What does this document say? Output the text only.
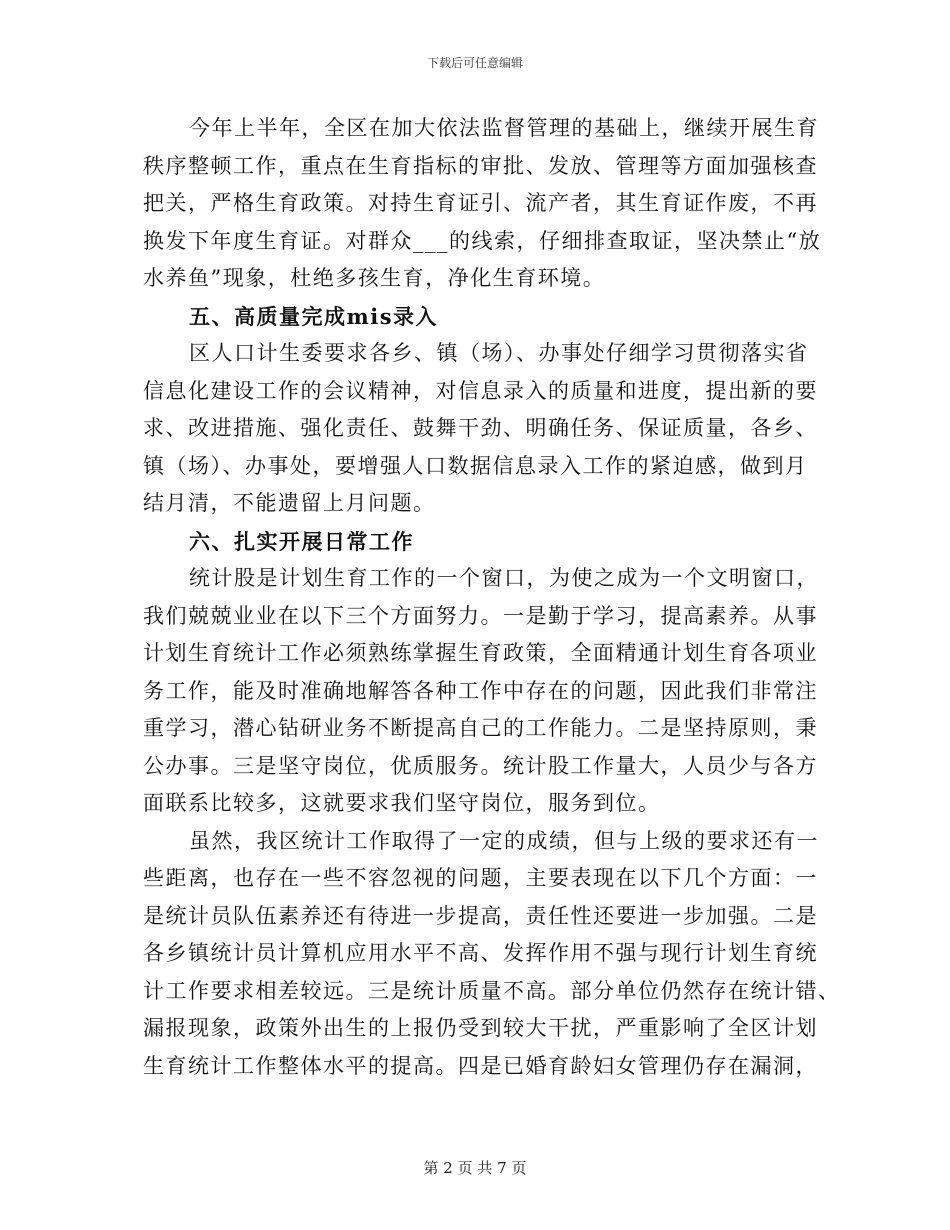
下载后可任意编辑
今年上半年，全区在加大依法监督管理的基础上，继续开展生育
秩序整顿工作，重点在生育指标的审批、发放、管理等方面加强核查
把关，严格生育政策。对持生育证引、流产者，其生育证作废，不再
换发下年度生育证。对群众___的线索，仔细排查取证，坚决禁止“放
水养鱼”现象，杜绝多孩生育，净化生育环境。
五、高质量完成mis录入
区人口计生委要求各乡、镇（场）、办事处仔细学习贯彻落实省
信息化建设工作的会议精神，对信息录入的质量和进度，提出新的要
求、改进措施、强化责任、鼓舞干劲、明确任务、保证质量，各乡、
镇（场）、办事处，要增强人口数据信息录入工作的紧迫感，做到月
结月清，不能遗留上月问题。
六、扎实开展日常工作
统计股是计划生育工作的一个窗口，为使之成为一个文明窗口，
我们兢兢业业在以下三个方面努力。一是勤于学习，提高素养。从事
计划生育统计工作必须熟练掌握生育政策，全面精通计划生育各项业
务工作，能及时准确地解答各种工作中存在的问题，因此我们非常注
重学习，潜心钻研业务不断提高自己的工作能力。二是坚持原则，秉
公办事。三是坚守岗位，优质服务。统计股工作量大，人员少与各方
面联系比较多，这就要求我们坚守岗位，服务到位。
虽然，我区统计工作取得了一定的成绩，但与上级的要求还有一
些距离，也存在一些不容忽视的问题，主要表现在以下几个方面：一
是统计员队伍素养还有待进一步提高，责任性还要进一步加强。二是
各乡镇统计员计算机应用水平不高、发挥作用不强与现行计划生育统
计工作要求相差较远。三是统计质量不高。部分单位仍然存在统计错、
漏报现象，政策外出生的上报仍受到较大干扰，严重影响了全区计划
生育统计工作整体水平的提高。四是已婚育龄妇女管理仍存在漏洞，
第 2 页 共 7 页
